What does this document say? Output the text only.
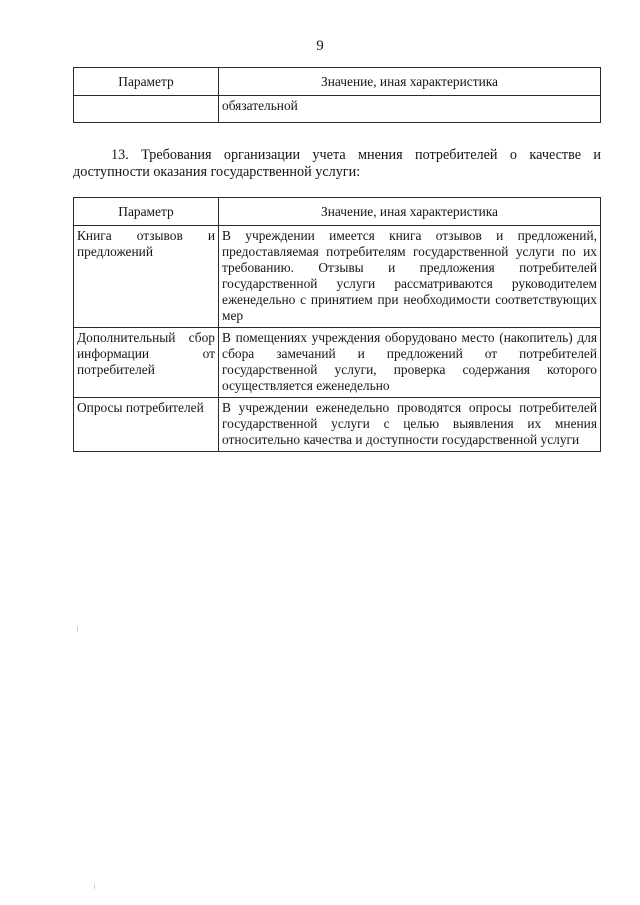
9
Параметр	Значение, иная характеристика
	обязательной
13. Требования организации учета мнения потребителей о качестве и доступности оказания государственной услуги:
Параметр	Значение, иная характеристика
Книга отзывов и предложений	В учреждении имеется книга отзывов и предложений, предоставляемая потребителям государственной услуги по их требованию. Отзывы и предложения потребителей государственной услуги рассматриваются руководителем еженедельно с принятием при необходимости соответствующих мер
Дополнительный сбор информации от потребителей	В помещениях учреждения оборудовано место (накопитель) для сбора замечаний и предложений от потребителей государственной услуги, проверка содержания которого осуществляется еженедельно
Опросы потребителей	В учреждении еженедельно проводятся опросы потребителей государственной услуги с целью выявления их мнения относительно качества и доступности государственной услуги
